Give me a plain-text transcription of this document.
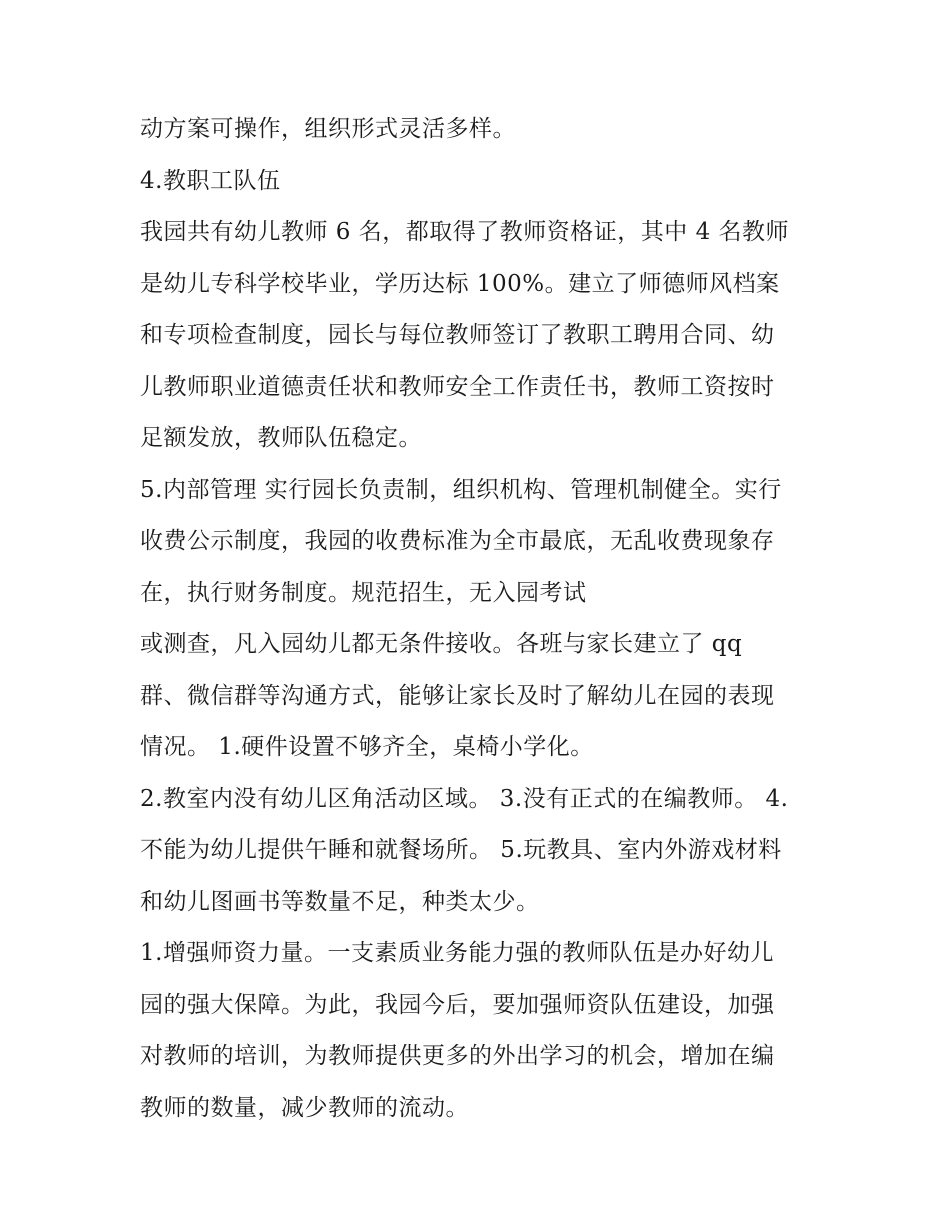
动方案可操作，组织形式灵活多样。
4.教职工队伍
我园共有幼儿教师 6 名，都取得了教师资格证，其中 4 名教师
是幼儿专科学校毕业，学历达标 100%。建立了师德师风档案
和专项检查制度，园长与每位教师签订了教职工聘用合同、幼
儿教师职业道德责任状和教师安全工作责任书，教师工资按时
足额发放，教师队伍稳定。
5.内部管理 实行园长负责制，组织机构、管理机制健全。实行
收费公示制度，我园的收费标准为全市最底，无乱收费现象存
在，执行财务制度。规范招生，无入园考试
或测查，凡入园幼儿都无条件接收。各班与家长建立了 qq
群、微信群等沟通方式，能够让家长及时了解幼儿在园的表现
情况。 1.硬件设置不够齐全，桌椅小学化。
2.教室内没有幼儿区角活动区域。 3.没有正式的在编教师。 4.
不能为幼儿提供午睡和就餐场所。 5.玩教具、室内外游戏材料
和幼儿图画书等数量不足，种类太少。
1.增强师资力量。一支素质业务能力强的教师队伍是办好幼儿
园的强大保障。为此，我园今后，要加强师资队伍建设，加强
对教师的培训，为教师提供更多的外出学习的机会，增加在编
教师的数量，减少教师的流动。
